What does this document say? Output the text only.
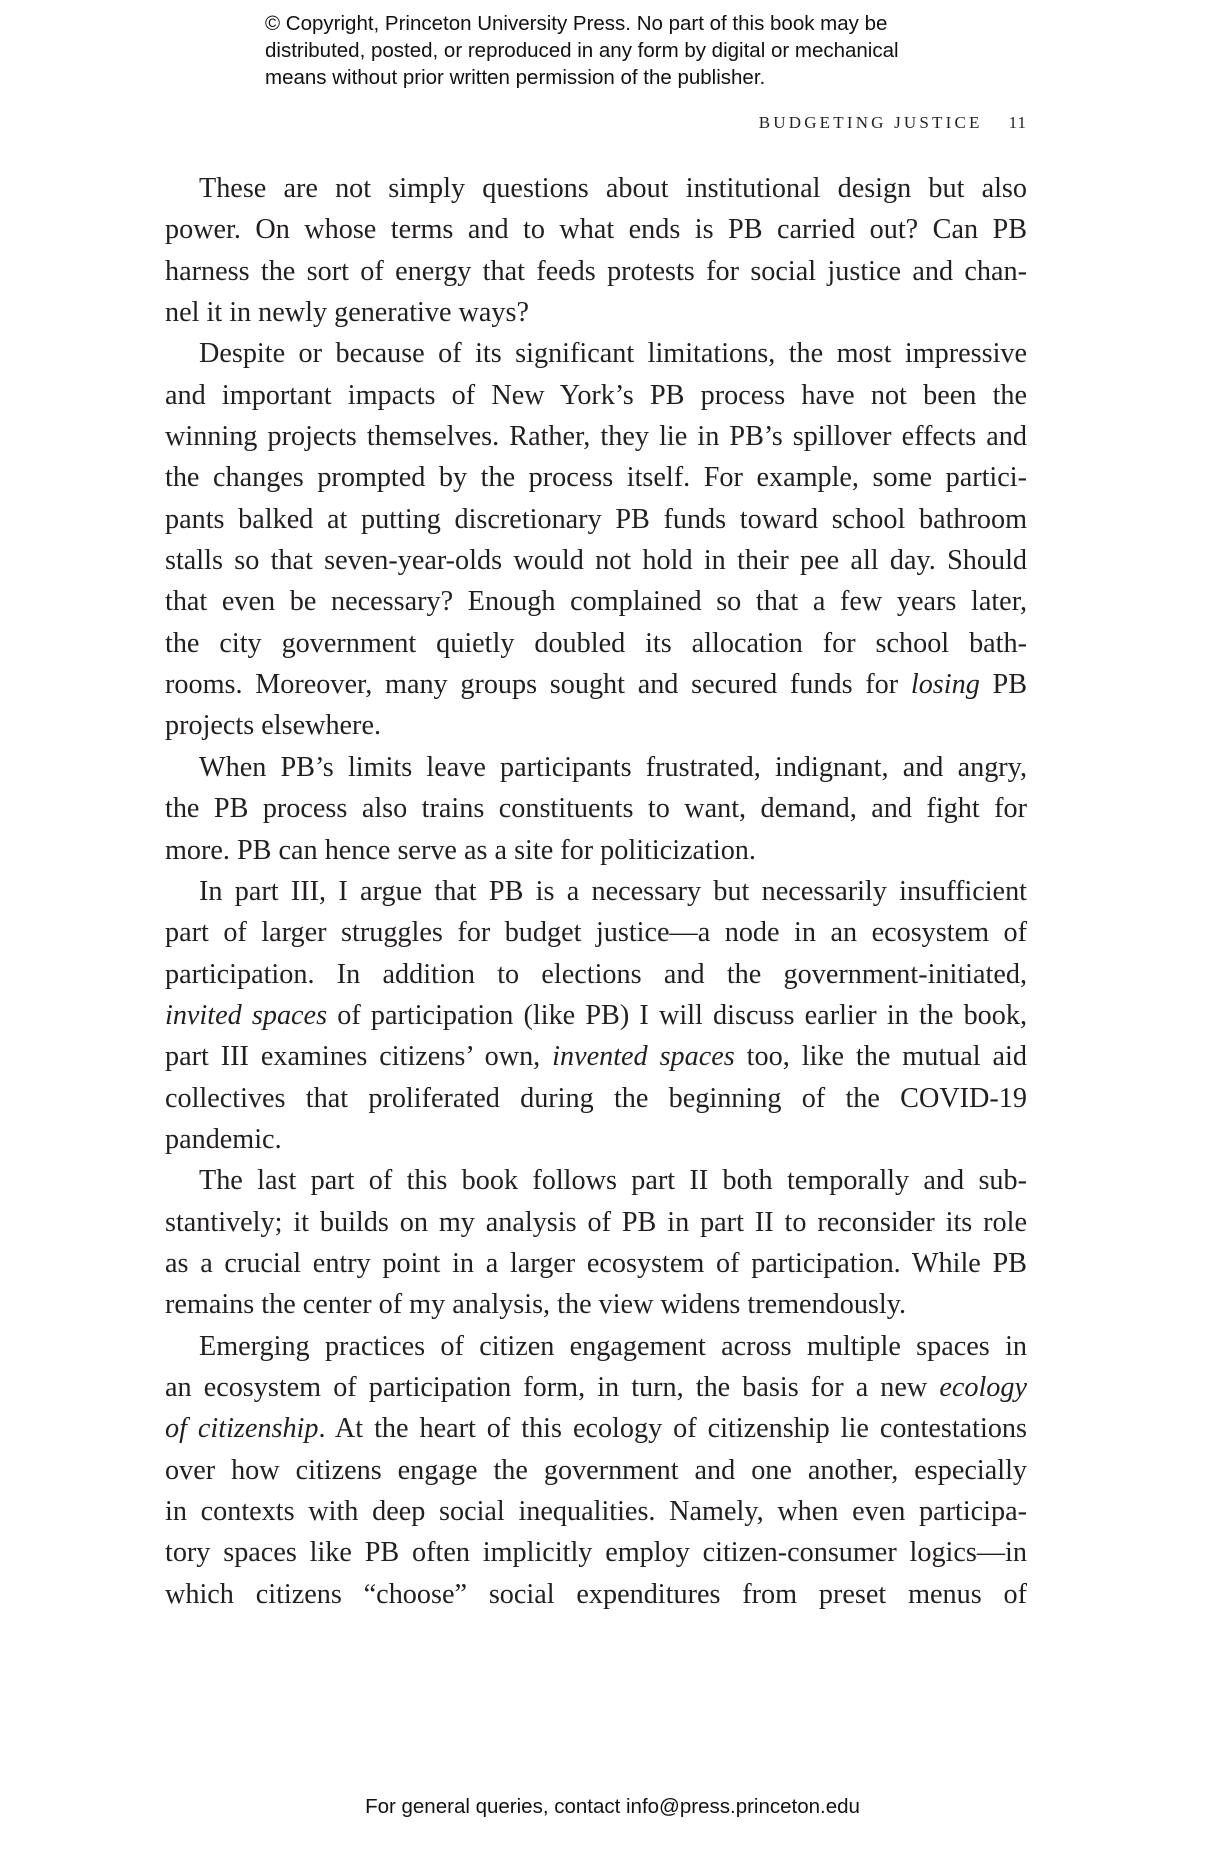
© Copyright, Princeton University Press. No part of this book may be
distributed, posted, or reproduced in any form by digital or mechanical
means without prior written permission of the publisher.
BUDGETING JUSTICE 11
These are not simply questions about institutional design but also
power. On whose terms and to what ends is PB carried out? Can PB
harness the sort of energy that feeds protests for social justice and chan-
nel it in newly generative ways?
Despite or because of its significant limitations, the most impressive
and important impacts of New York’s PB process have not been the
winning projects themselves. Rather, they lie in PB’s spillover effects and
the changes prompted by the process itself. For example, some partici-
pants balked at putting discretionary PB funds toward school bathroom
stalls so that seven-year-olds would not hold in their pee all day. Should
that even be necessary? Enough complained so that a few years later,
the city government quietly doubled its allocation for school bath-
rooms. Moreover, many groups sought and secured funds for losing PB
projects elsewhere.
When PB’s limits leave participants frustrated, indignant, and angry,
the PB process also trains constituents to want, demand, and fight for
more. PB can hence serve as a site for politicization.
In part III, I argue that PB is a necessary but necessarily insufficient
part of larger struggles for budget justice—a node in an ecosystem of
participation. In addition to elections and the government-initiated,
invited spaces of participation (like PB) I will discuss earlier in the book,
part III examines citizens’ own, invented spaces too, like the mutual aid
collectives that proliferated during the beginning of the COVID-19
pandemic.
The last part of this book follows part II both temporally and sub-
stantively; it builds on my analysis of PB in part II to reconsider its role
as a crucial entry point in a larger ecosystem of participation. While PB
remains the center of my analysis, the view widens tremendously.
Emerging practices of citizen engagement across multiple spaces in
an ecosystem of participation form, in turn, the basis for a new ecology
of citizenship. At the heart of this ecology of citizenship lie contestations
over how citizens engage the government and one another, especially
in contexts with deep social inequalities. Namely, when even participa-
tory spaces like PB often implicitly employ citizen-consumer logics—in
which citizens “choose” social expenditures from preset menus of
For general queries, contact info@press.princeton.edu
